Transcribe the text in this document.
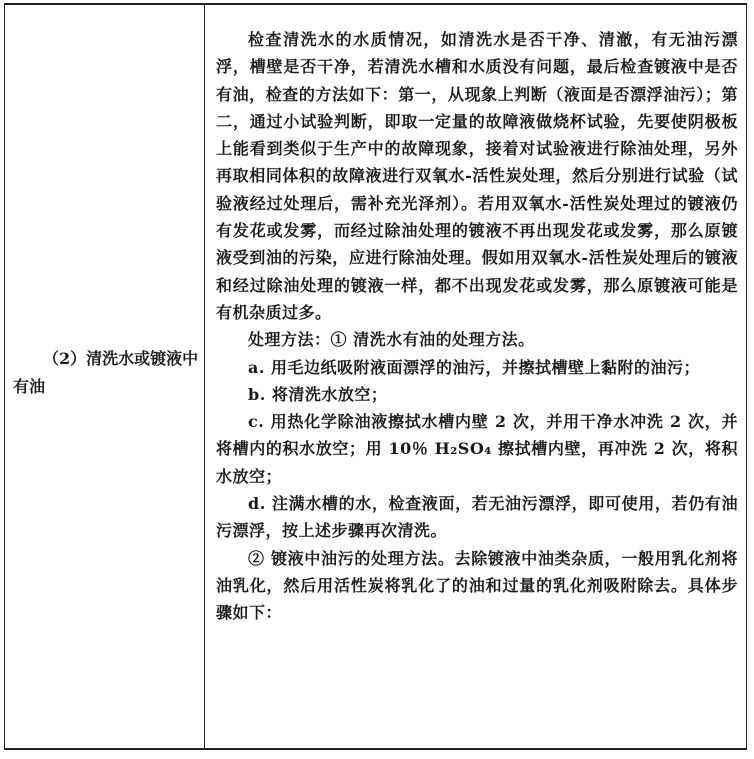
（2）清洗水或镀液中有油

检查清洗水的水质情况，如清洗水是否干净、清澈，有无油污漂浮，槽壁是否干净，若清洗水槽和水质没有问题，最后检查镀液中是否有油，检查的方法如下：第一，从现象上判断（液面是否漂浮油污）；第二，通过小试验判断，即取一定量的故障液做烧杯试验，先要使阴极板上能看到类似于生产中的故障现象，接着对试验液进行除油处理，另外再取相同体积的故障液进行双氧水-活性炭处理，然后分别进行试验（试验液经过处理后，需补充光泽剂）。若用双氧水-活性炭处理过的镀液仍有发花或发雾，而经过除油处理的镀液不再出现发花或发雾，那么原镀液受到油的污染，应进行除油处理。假如用双氧水-活性炭处理后的镀液和经过除油处理的镀液一样，都不出现发花或发雾，那么原镀液可能是有机杂质过多。

处理方法：① 清洗水有油的处理方法。

a. 用毛边纸吸附液面漂浮的油污，并擦拭槽壁上黏附的油污；

b. 将清洗水放空；

c. 用热化学除油液擦拭水槽内壁 2 次，并用干净水冲洗 2 次，并将槽内的积水放空；用 10％ H₂SO₄ 擦拭槽内壁，再冲洗 2 次，将积水放空；

d. 注满水槽的水，检查液面，若无油污漂浮，即可使用，若仍有油污漂浮，按上述步骤再次清洗。

② 镀液中油污的处理方法。去除镀液中油类杂质，一般用乳化剂将油乳化，然后用活性炭将乳化了的油和过量的乳化剂吸附除去。具体步骤如下：
